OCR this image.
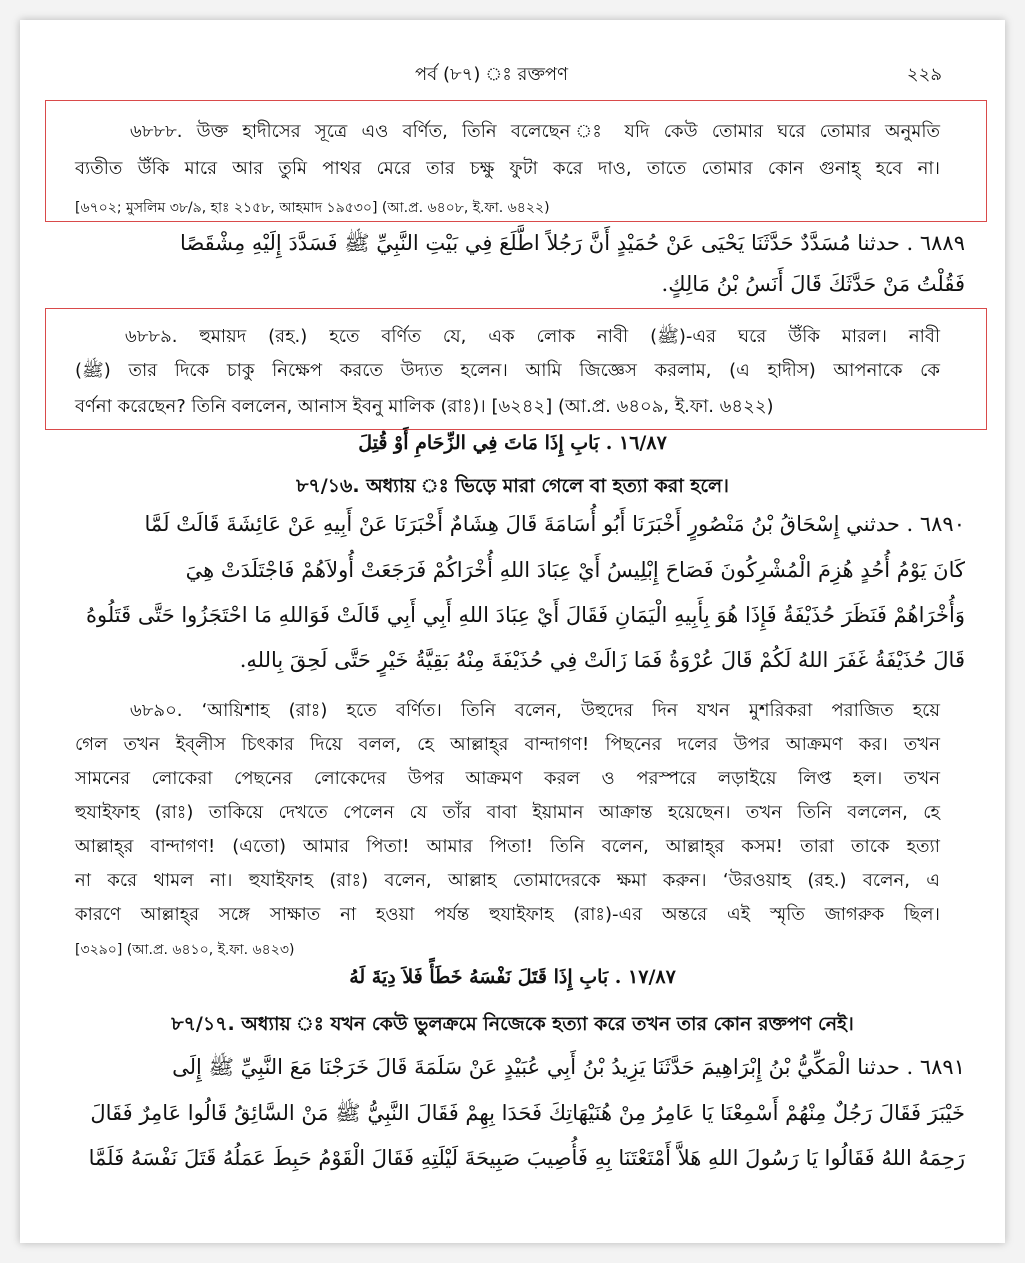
পর্ব (৮৭) ঃ রক্তপণ	২২৯
৬৮৮৮. উক্ত হাদীসের সূত্রে এও বর্ণিত, তিনি বলেছেন ঃ যদি কেউ তোমার ঘরে তোমার অনুমতি
ব্যতীত উঁকি মারে আর তুমি পাথর মেরে তার চক্ষু ফুটা করে দাও, তাতে তোমার কোন গুনাহ্ হবে না।
[৬৭০২; মুসলিম ৩৮/৯, হাঃ ২১৫৮, আহমাদ ১৯৫৩০] (আ.প্র. ৬৪০৮, ই.ফা. ৬৪২২)
٦٨٨٩ . حدثنا مُسَدَّدٌ حَدَّثَنَا يَحْيَى عَنْ حُمَيْدٍ أَنَّ رَجُلاً اطَّلَعَ فِي بَيْتِ النَّبِيِّ ﷺ فَسَدَّدَ إِلَيْهِ مِشْقَصًا
فَقُلْتُ مَنْ حَدَّثَكَ قَالَ أَنَسُ بْنُ مَالِكٍ.
৬৮৮৯. হুমায়দ (রহ.) হতে বর্ণিত যে, এক লোক নাবী (ﷺ)-এর ঘরে উঁকি মারল। নাবী
(ﷺ) তার দিকে চাকু নিক্ষেপ করতে উদ্যত হলেন। আমি জিজ্ঞেস করলাম, (এ হাদীস) আপনাকে কে
বর্ণনা করেছেন? তিনি বললেন, আনাস ইবনু মালিক (রাঃ)। [৬২৪২] (আ.প্র. ৬৪০৯, ই.ফা. ৬৪২২)
١٦/٨٧ . بَابِ إِذَا مَاتَ فِي الزِّحَامِ أَوْ قُتِلَ
৮৭/১৬. অধ্যায় ঃ ভিড়ে মারা গেলে বা হত্যা করা হলে।
٦٨٩٠ . حدثني إِسْحَاقُ بْنُ مَنْصُورٍ أَخْبَرَنَا أَبُو أُسَامَةَ قَالَ هِشَامٌ أَخْبَرَنَا عَنْ أَبِيهِ عَنْ عَائِشَةَ قَالَتْ لَمَّا
كَانَ يَوْمُ أُحُدٍ هُزِمَ الْمُشْرِكُونَ فَصَاحَ إِبْلِيسُ أَيْ عِبَادَ اللهِ أُخْرَاكُمْ فَرَجَعَتْ أُولاَهُمْ فَاجْتَلَدَتْ هِيَ
وَأُخْرَاهُمْ فَنَظَرَ حُذَيْفَةُ فَإِذَا هُوَ بِأَبِيهِ الْيَمَانِ فَقَالَ أَيْ عِبَادَ اللهِ أَبِي أَبِي قَالَتْ فَوَاللهِ مَا احْتَجَزُوا حَتَّى قَتَلُوهُ
قَالَ حُذَيْفَةُ غَفَرَ اللهُ لَكُمْ قَالَ عُرْوَةُ فَمَا زَالَتْ فِي حُذَيْفَةَ مِنْهُ بَقِيَّةُ خَيْرٍ حَتَّى لَحِقَ بِاللهِ.
৬৮৯০. ‘আয়িশাহ (রাঃ) হতে বর্ণিত। তিনি বলেন, উহুদের দিন যখন মুশরিকরা পরাজিত হয়ে
গেল তখন ইব্‌লীস চিৎকার দিয়ে বলল, হে আল্লাহ্‌র বান্দাগণ! পিছনের দলের উপর আক্রমণ কর। তখন
সামনের লোকেরা পেছনের লোকেদের উপর আক্রমণ করল ও পরস্পরে লড়াইয়ে লিপ্ত হল। তখন
হুযাইফাহ (রাঃ) তাকিয়ে দেখতে পেলেন যে তাঁর বাবা ইয়ামান আক্রান্ত হয়েছেন। তখন তিনি বললেন, হে
আল্লাহ্‌র বান্দাগণ! (এতো) আমার পিতা! আমার পিতা! তিনি বলেন, আল্লাহ্‌র কসম! তারা তাকে হত্যা
না করে থামল না। হুযাইফাহ (রাঃ) বলেন, আল্লাহ তোমাদেরকে ক্ষমা করুন। ‘উরওয়াহ (রহ.) বলেন, এ
কারণে আল্লাহ্‌র সঙ্গে সাক্ষাত না হওয়া পর্যন্ত হুযাইফাহ (রাঃ)-এর অন্তরে এই স্মৃতি জাগরুক ছিল।
[৩২৯০] (আ.প্র. ৬৪১০, ই.ফা. ৬৪২৩)
١٧/٨٧ . بَابِ إِذَا قَتَلَ نَفْسَهُ خَطَأً فَلاَ دِيَةَ لَهُ
৮৭/১৭. অধ্যায় ঃ যখন কেউ ভুলক্রমে নিজেকে হত্যা করে তখন তার কোন রক্তপণ নেই।
٦٨٩١ . حدثنا الْمَكِّيُّ بْنُ إِبْرَاهِيمَ حَدَّثَنَا يَزِيدُ بْنُ أَبِي عُبَيْدٍ عَنْ سَلَمَةَ قَالَ خَرَجْنَا مَعَ النَّبِيِّ ﷺ إِلَى
خَيْبَرَ فَقَالَ رَجُلٌ مِنْهُمْ أَسْمِعْنَا يَا عَامِرُ مِنْ هُنَيْهَاتِكَ فَحَدَا بِهِمْ فَقَالَ النَّبِيُّ ﷺ مَنْ السَّائِقُ قَالُوا عَامِرٌ فَقَالَ
رَحِمَهُ اللهُ فَقَالُوا يَا رَسُولَ اللهِ هَلاَّ أَمْتَعْتَنَا بِهِ فَأُصِيبَ صَبِيحَةَ لَيْلَتِهِ فَقَالَ الْقَوْمُ حَبِطَ عَمَلُهُ قَتَلَ نَفْسَهُ فَلَمَّا
